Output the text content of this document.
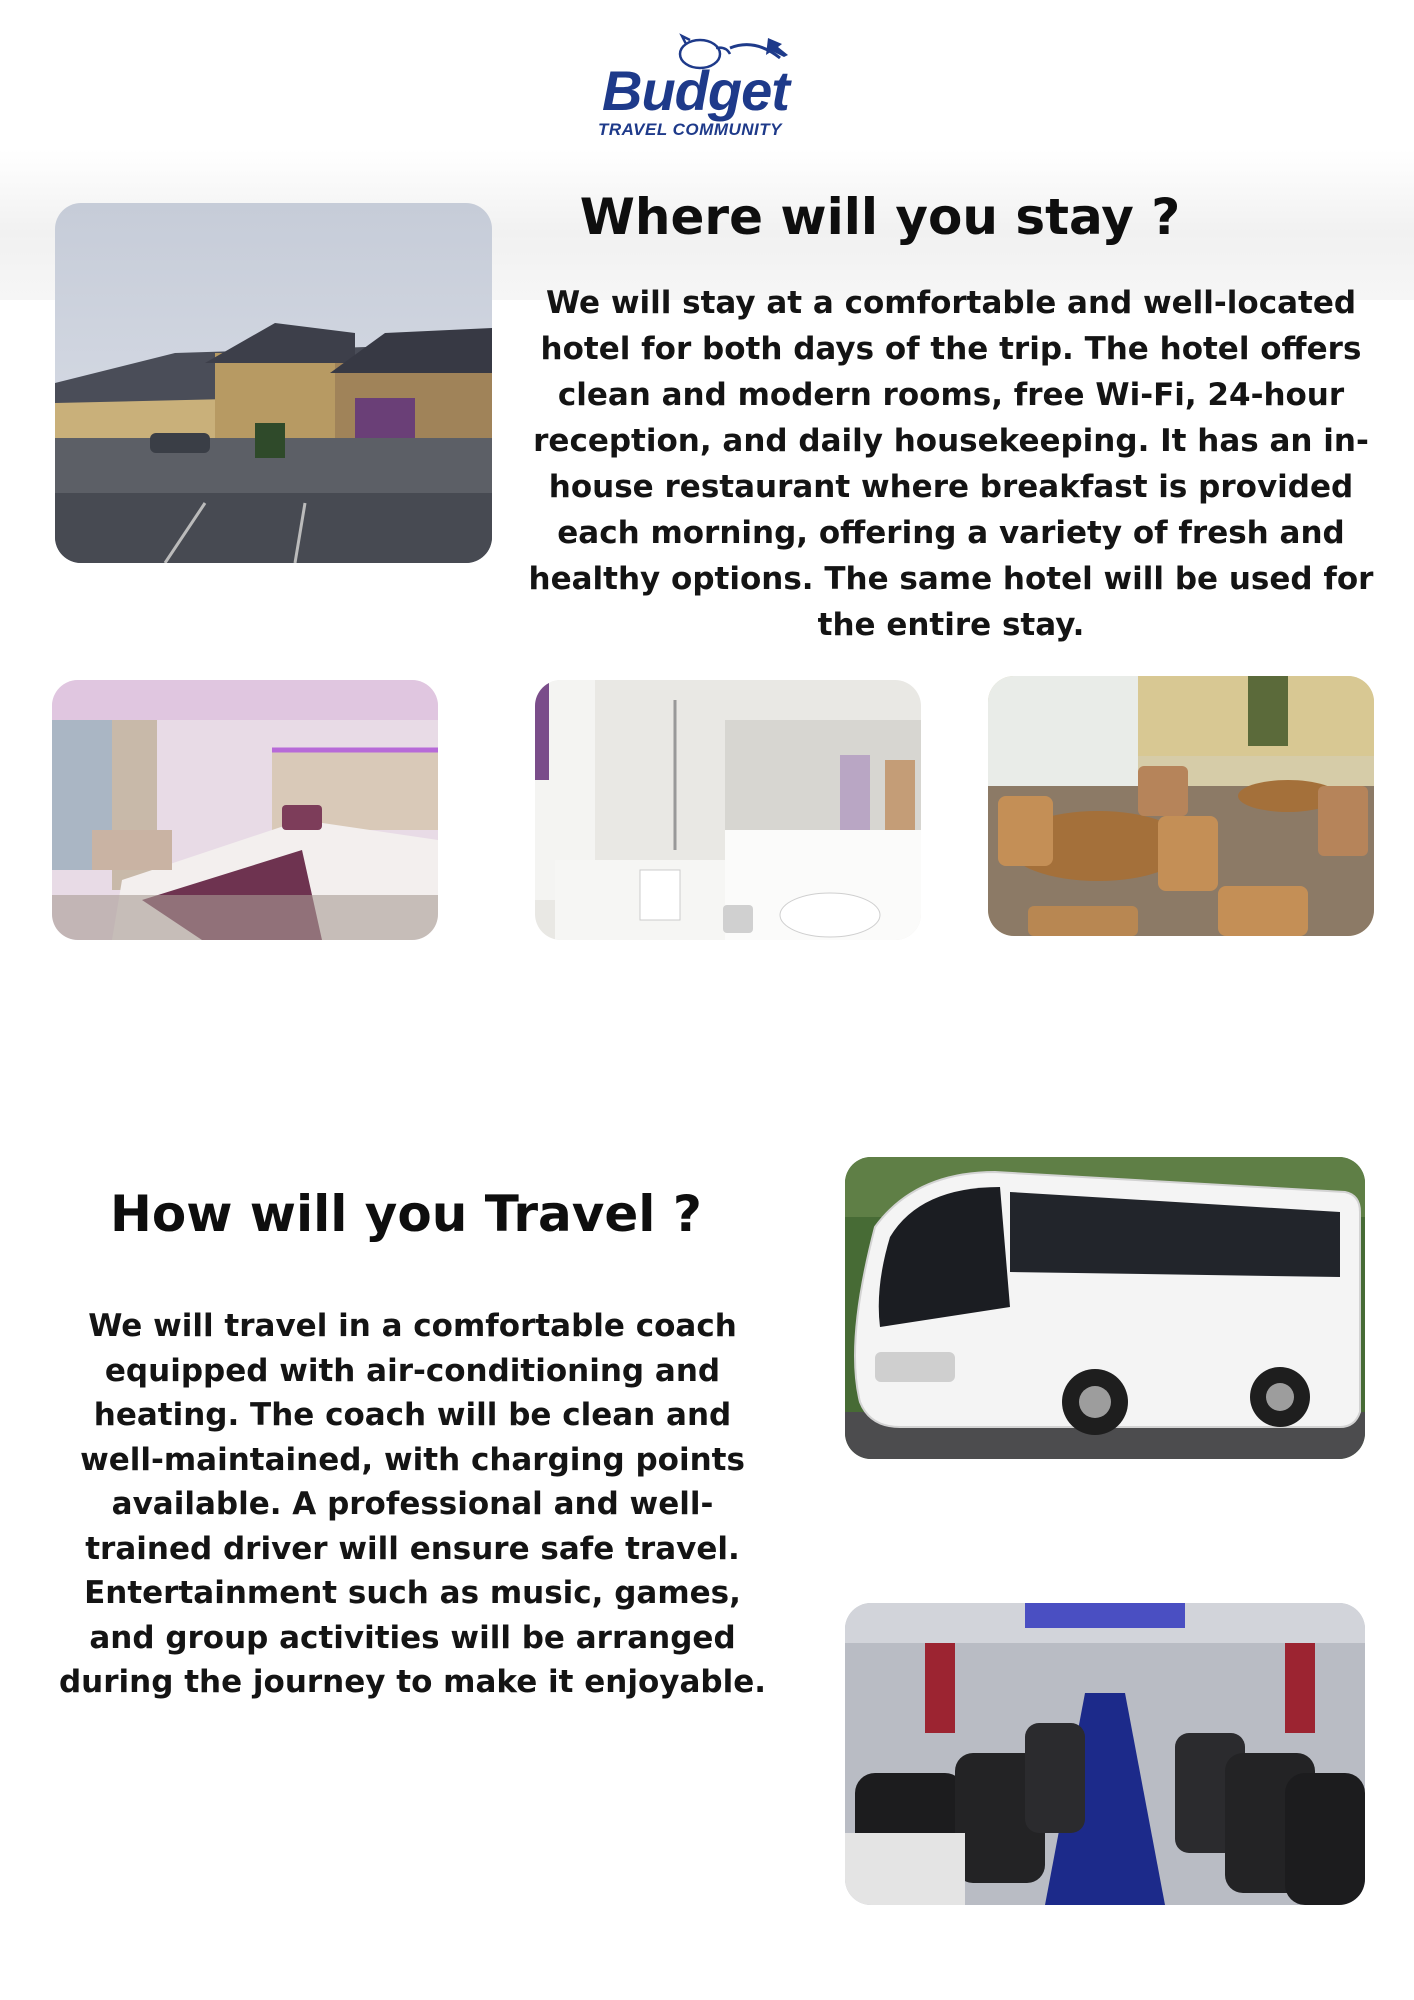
Budget
TRAVEL COMMUNITY
Where will you stay ?

We will stay at a comfortable and well-located hotel for both days of the trip. The hotel offers clean and modern rooms, free Wi-Fi, 24-hour reception, and daily housekeeping. It has an in-house restaurant where breakfast is provided each morning, offering a variety of fresh and healthy options. The same hotel will be used for the entire stay.

How will you Travel ?

We will travel in a comfortable coach equipped with air-conditioning and heating. The coach will be clean and well-maintained, with charging points available. A professional and well-trained driver will ensure safe travel. Entertainment such as music, games, and group activities will be arranged during the journey to make it enjoyable.
